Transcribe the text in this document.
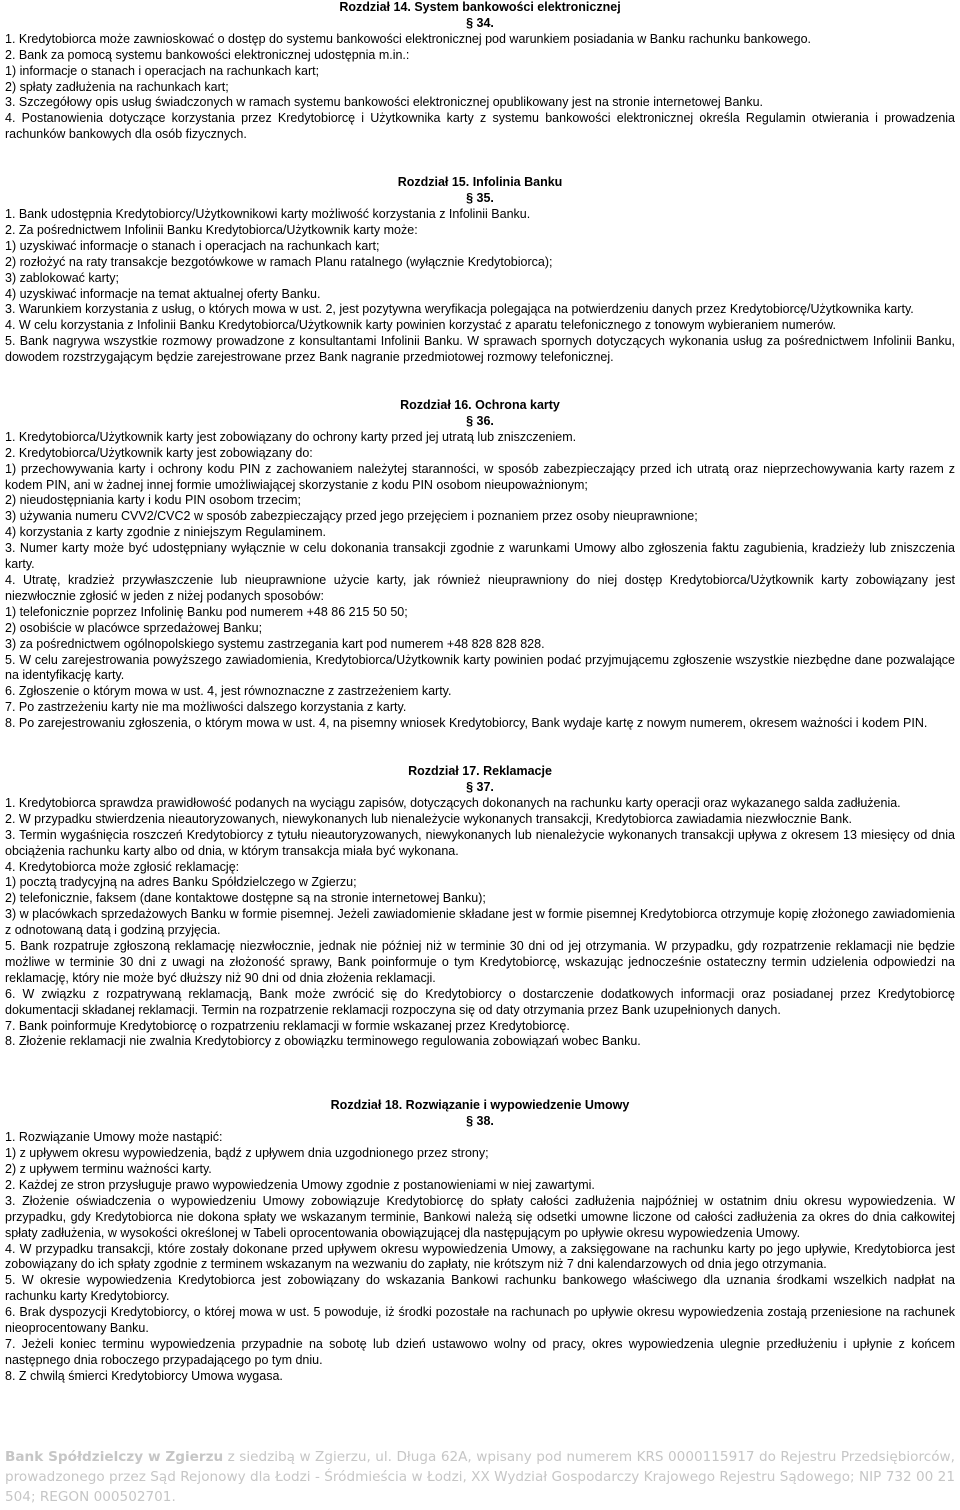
Rozdział 14. System bankowości elektronicznej

§ 34.

1. Kredytobiorca może zawnioskować o dostęp do systemu bankowości elektronicznej pod warunkiem posiadania w Banku rachunku bankowego.

2. Bank za pomocą systemu bankowości elektronicznej udostępnia m.in.:

1) informacje o stanach i operacjach na rachunkach kart;

2) spłaty zadłużenia na rachunkach kart;

3. Szczegółowy opis usług świadczonych w ramach systemu bankowości elektronicznej opublikowany jest na stronie internetowej Banku.

4. Postanowienia dotyczące korzystania przez Kredytobiorcę i Użytkownika karty z systemu bankowości elektronicznej określa Regulamin otwierania i prowadzenia rachunków bankowych dla osób fizycznych.

Rozdział 15. Infolinia Banku

§ 35.

1. Bank udostępnia Kredytobiorcy/Użytkownikowi karty możliwość korzystania z Infolinii Banku.

2. Za pośrednictwem Infolinii Banku Kredytobiorca/Użytkownik karty może:

1) uzyskiwać informacje o stanach i operacjach na rachunkach kart;

2) rozłożyć na raty transakcje bezgotówkowe w ramach Planu ratalnego (wyłącznie Kredytobiorca);

3) zablokować karty;

4) uzyskiwać informacje na temat aktualnej oferty Banku.

3. Warunkiem korzystania z usług, o których mowa w ust. 2, jest pozytywna weryfikacja polegająca na potwierdzeniu danych przez Kredytobiorcę/Użytkownika karty.

4. W celu korzystania z Infolinii Banku Kredytobiorca/Użytkownik karty powinien korzystać z aparatu telefonicznego z tonowym wybieraniem numerów.

5. Bank nagrywa wszystkie rozmowy prowadzone z konsultantami Infolinii Banku. W sprawach spornych dotyczących wykonania usług za pośrednictwem Infolinii Banku, dowodem rozstrzygającym będzie zarejestrowane przez Bank nagranie przedmiotowej rozmowy telefonicznej.

Rozdział 16. Ochrona karty

§ 36.

1. Kredytobiorca/Użytkownik karty jest zobowiązany do ochrony karty przed jej utratą lub zniszczeniem.

2. Kredytobiorca/Użytkownik karty jest zobowiązany do:

1) przechowywania karty i ochrony kodu PIN z zachowaniem należytej staranności, w sposób zabezpieczający przed ich utratą oraz nieprzechowywania karty razem z kodem PIN, ani w żadnej innej formie umożliwiającej skorzystanie z kodu PIN osobom nieupoważnionym;

2) nieudostępniania karty i kodu PIN osobom trzecim;

3) używania numeru CVV2/CVC2 w sposób zabezpieczający przed jego przejęciem i poznaniem przez osoby nieuprawnione;

4) korzystania z karty zgodnie z niniejszym Regulaminem.

3. Numer karty może być udostępniany wyłącznie w celu dokonania transakcji zgodnie z warunkami Umowy albo zgłoszenia faktu zagubienia, kradzieży lub zniszczenia karty.

4. Utratę, kradzież przywłaszczenie lub nieuprawnione użycie karty, jak również nieuprawniony do niej dostęp Kredytobiorca/Użytkownik karty zobowiązany jest niezwłocznie zgłosić w jeden z niżej podanych sposobów:

1) telefonicznie poprzez Infolinię Banku pod numerem +48 86 215 50 50;

2) osobiście w placówce sprzedażowej Banku;

3) za pośrednictwem ogólnopolskiego systemu zastrzegania kart pod numerem +48 828 828 828.

5. W celu zarejestrowania powyższego zawiadomienia, Kredytobiorca/Użytkownik karty powinien podać przyjmującemu zgłoszenie wszystkie niezbędne dane pozwalające na identyfikację karty.

6. Zgłoszenie o którym mowa w ust. 4, jest równoznaczne z zastrzeżeniem karty.

7. Po zastrzeżeniu karty nie ma możliwości dalszego korzystania z karty.

8. Po zarejestrowaniu zgłoszenia, o którym mowa w ust. 4, na pisemny wniosek Kredytobiorcy, Bank wydaje kartę z nowym numerem, okresem ważności i kodem PIN.

Rozdział 17. Reklamacje

§ 37.

1. Kredytobiorca sprawdza prawidłowość podanych na wyciągu zapisów, dotyczących dokonanych na rachunku karty operacji oraz wykazanego salda zadłużenia.

2. W przypadku stwierdzenia nieautoryzowanych, niewykonanych lub nienależycie wykonanych transakcji, Kredytobiorca zawiadamia niezwłocznie Bank.

3. Termin wygaśnięcia roszczeń Kredytobiorcy z tytułu nieautoryzowanych, niewykonanych lub nienależycie wykonanych transakcji upływa z okresem 13 miesięcy od dnia obciążenia rachunku karty albo od dnia, w którym transakcja miała być wykonana.

4. Kredytobiorca może zgłosić reklamację:

1) pocztą tradycyjną na adres Banku Spółdzielczego w Zgierzu;

2) telefonicznie, faksem (dane kontaktowe dostępne są na stronie internetowej Banku);

3) w placówkach sprzedażowych Banku w formie pisemnej. Jeżeli zawiadomienie składane jest w formie pisemnej Kredytobiorca otrzymuje kopię złożonego zawiadomienia z odnotowaną datą i godziną przyjęcia.

5. Bank rozpatruje zgłoszoną reklamację niezwłocznie, jednak nie później niż w terminie 30 dni od jej otrzymania. W przypadku, gdy rozpatrzenie reklamacji nie będzie możliwe w terminie 30 dni z uwagi na złożoność sprawy, Bank poinformuje o tym Kredytobiorcę, wskazując jednocześnie ostateczny termin udzielenia odpowiedzi na reklamację, który nie może być dłuższy niż 90 dni od dnia złożenia reklamacji.

6. W związku z rozpatrywaną reklamacją, Bank może zwrócić się do Kredytobiorcy o dostarczenie dodatkowych informacji oraz posiadanej przez Kredytobiorcę dokumentacji składanej reklamacji. Termin na rozpatrzenie reklamacji rozpoczyna się od daty otrzymania przez Bank uzupełnionych danych.

7. Bank poinformuje Kredytobiorcę o rozpatrzeniu reklamacji w formie wskazanej przez Kredytobiorcę.

8. Złożenie reklamacji nie zwalnia Kredytobiorcy z obowiązku terminowego regulowania zobowiązań wobec Banku.

Rozdział 18. Rozwiązanie i wypowiedzenie Umowy

§ 38.

1. Rozwiązanie Umowy może nastąpić:

1) z upływem okresu wypowiedzenia, bądź z upływem dnia uzgodnionego przez strony;

2) z upływem terminu ważności karty.

2. Każdej ze stron przysługuje prawo wypowiedzenia Umowy zgodnie z postanowieniami w niej zawartymi.

3. Złożenie oświadczenia o wypowiedzeniu Umowy zobowiązuje Kredytobiorcę do spłaty całości zadłużenia najpóźniej w ostatnim dniu okresu wypowiedzenia. W przypadku, gdy Kredytobiorca nie dokona spłaty we wskazanym terminie, Bankowi należą się odsetki umowne liczone od całości zadłużenia za okres do dnia całkowitej spłaty zadłużenia, w wysokości określonej w Tabeli oprocentowania obowiązującej dla następującym po upływie okresu wypowiedzenia Umowy.

4. W przypadku transakcji, które zostały dokonane przed upływem okresu wypowiedzenia Umowy, a zaksięgowane na rachunku karty po jego upływie, Kredytobiorca jest zobowiązany do ich spłaty zgodnie z terminem wskazanym na wezwaniu do zapłaty, nie krótszym niż 7 dni kalendarzowych od dnia jego otrzymania.

5. W okresie wypowiedzenia Kredytobiorca jest zobowiązany do wskazania Bankowi rachunku bankowego właściwego dla uznania środkami wszelkich nadpłat na rachunku karty Kredytobiorcy.

6. Brak dyspozycji Kredytobiorcy, o której mowa w ust. 5 powoduje, iż środki pozostałe na rachunach po upływie okresu wypowiedzenia zostają przeniesione na rachunek nieoprocentowany Banku.

7. Jeżeli koniec terminu wypowiedzenia przypadnie na sobotę lub dzień ustawowo wolny od pracy, okres wypowiedzenia ulegnie przedłużeniu i upłynie z końcem następnego dnia roboczego przypadającego po tym dniu.

8. Z chwilą śmierci Kredytobiorcy Umowa wygasa.

Bank Spółdzielczy w Zgierzu z siedzibą w Zgierzu, ul. Długa 62A, wpisany pod numerem KRS 0000115917 do Rejestru Przedsiębiorców, prowadzonego przez Sąd Rejonowy dla Łodzi - Śródmieścia w Łodzi, XX Wydział Gospodarczy Krajowego Rejestru Sądowego; NIP 732 00 21 504; REGON 000502701.
